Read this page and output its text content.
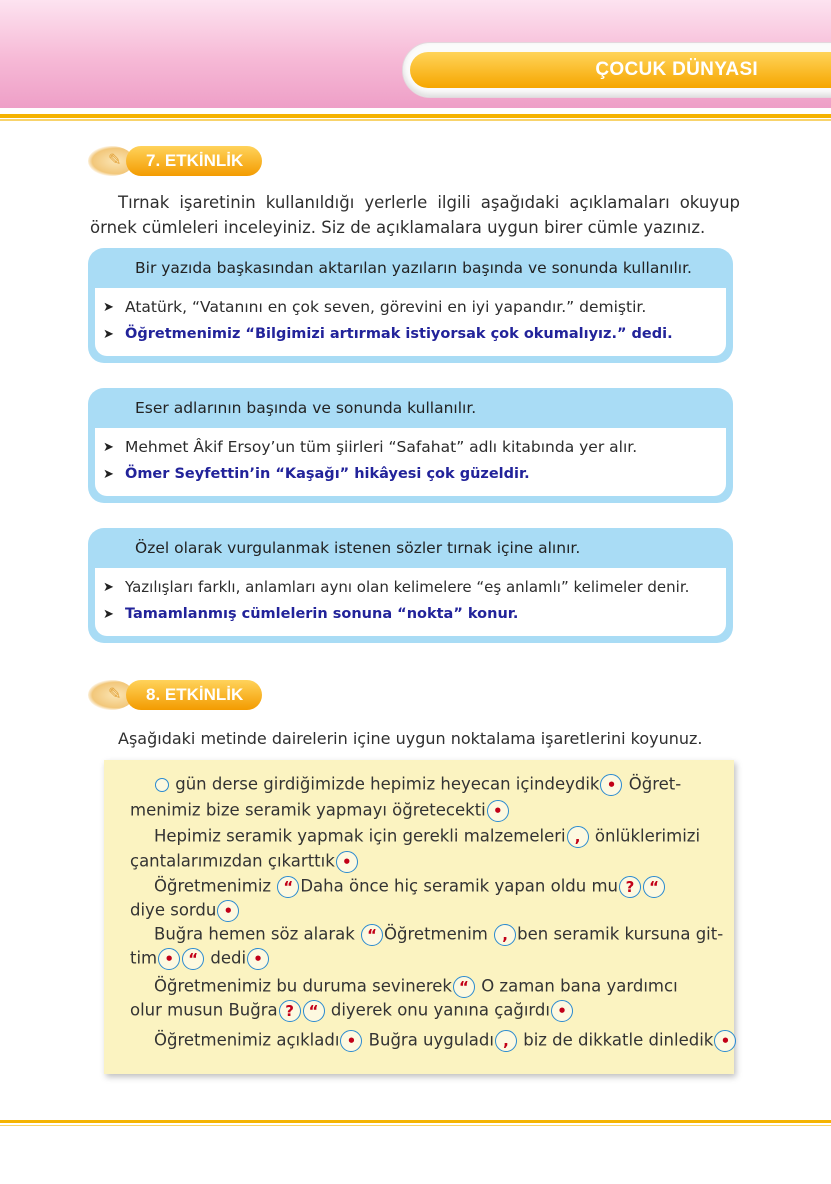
ÇOCUK DÜNYASI
✎ 7. ETKİNLİK
Tırnak işaretinin kullanıldığı yerlerle ilgili aşağıdaki açıklamaları okuyup örnek cümleleri inceleyiniz. Siz de açıklamalara uygun birer cümle yazınız.
Bir yazıda başkasından aktarılan yazıların başında ve sonunda kullanılır.
➤ Atatürk, “Vatanını en çok seven, görevini en iyi yapandır.” demiştir.
➤ Öğretmenimiz “Bilgimizi artırmak istiyorsak çok okumalıyız.” dedi.
Eser adlarının başında ve sonunda kullanılır.
➤ Mehmet Âkif Ersoy’un tüm şiirleri “Safahat” adlı kitabında yer alır.
➤ Ömer Seyfettin’in “Kaşağı” hikâyesi çok güzeldir.
Özel olarak vurgulanmak istenen sözler tırnak içine alınır.
➤ Yazılışları farklı, anlamları aynı olan kelimelere “eş anlamlı” kelimeler denir.
➤ Tamamlanmış cümlelerin sonuna “nokta” konur.
✎ 8. ETKİNLİK
Aşağıdaki metinde dairelerin içine uygun noktalama işaretlerini koyunuz.
gün derse girdiğimizde hepimiz heyecan içindeydik • Öğret-
menimiz bize seramik yapmayı öğretecekti •
Hepimiz seramik yapmak için gerekli malzemeleri , önlüklerimizi
çantalarımızdan çıkarttık •
Öğretmenimiz “ Daha önce hiç seramik yapan oldu mu ? “
diye sordu •
Buğra hemen söz alarak “ Öğretmenim , ben seramik kursuna git-
tim • “ dedi •
Öğretmenimiz bu duruma sevinerek “ O zaman bana yardımcı
olur musun Buğra ? “ diyerek onu yanına çağırdı •
Öğretmenimiz açıkladı • Buğra uyguladı , biz de dikkatle dinledik •
